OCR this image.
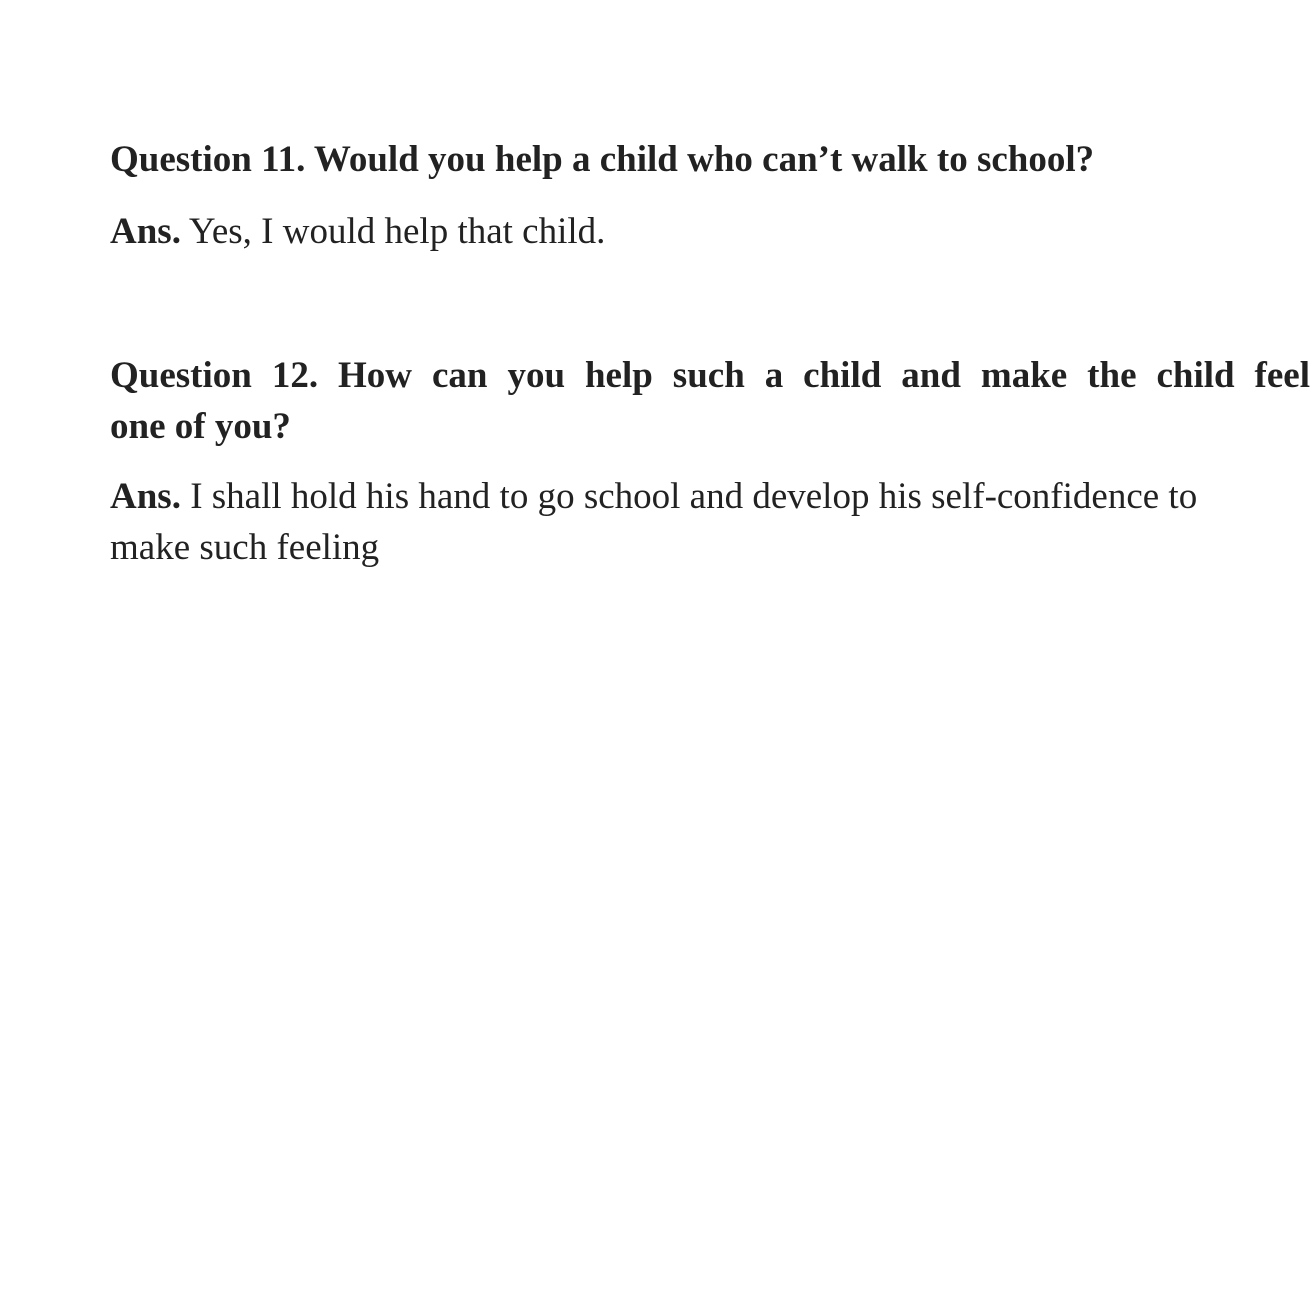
Question 11. Would you help a child who can’t walk to school?
Ans. Yes, I would help that child.
Question 12. How can you help such a child and make the child feel
one of you?
Ans. I shall hold his hand to go school and develop his self-confidence to
make such feeling
